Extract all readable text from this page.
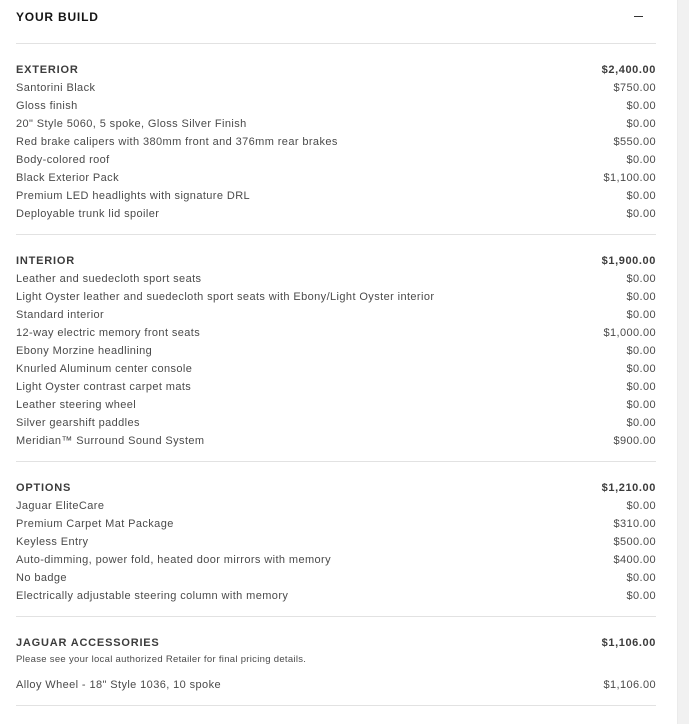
YOUR BUILD
EXTERIOR	$2,400.00
Santorini Black	$750.00
Gloss finish	$0.00
20" Style 5060, 5 spoke, Gloss Silver Finish	$0.00
Red brake calipers with 380mm front and 376mm rear brakes	$550.00
Body-colored roof	$0.00
Black Exterior Pack	$1,100.00
Premium LED headlights with signature DRL	$0.00
Deployable trunk lid spoiler	$0.00
INTERIOR	$1,900.00
Leather and suedecloth sport seats	$0.00
Light Oyster leather and suedecloth sport seats with Ebony/Light Oyster interior	$0.00
Standard interior	$0.00
12-way electric memory front seats	$1,000.00
Ebony Morzine headlining	$0.00
Knurled Aluminum center console	$0.00
Light Oyster contrast carpet mats	$0.00
Leather steering wheel	$0.00
Silver gearshift paddles	$0.00
Meridian™ Surround Sound System	$900.00
OPTIONS	$1,210.00
Jaguar EliteCare	$0.00
Premium Carpet Mat Package	$310.00
Keyless Entry	$500.00
Auto-dimming, power fold, heated door mirrors with memory	$400.00
No badge	$0.00
Electrically adjustable steering column with memory	$0.00
JAGUAR ACCESSORIES	$1,106.00
Please see your local authorized Retailer for final pricing details.
Alloy Wheel - 18" Style 1036, 10 spoke	$1,106.00
